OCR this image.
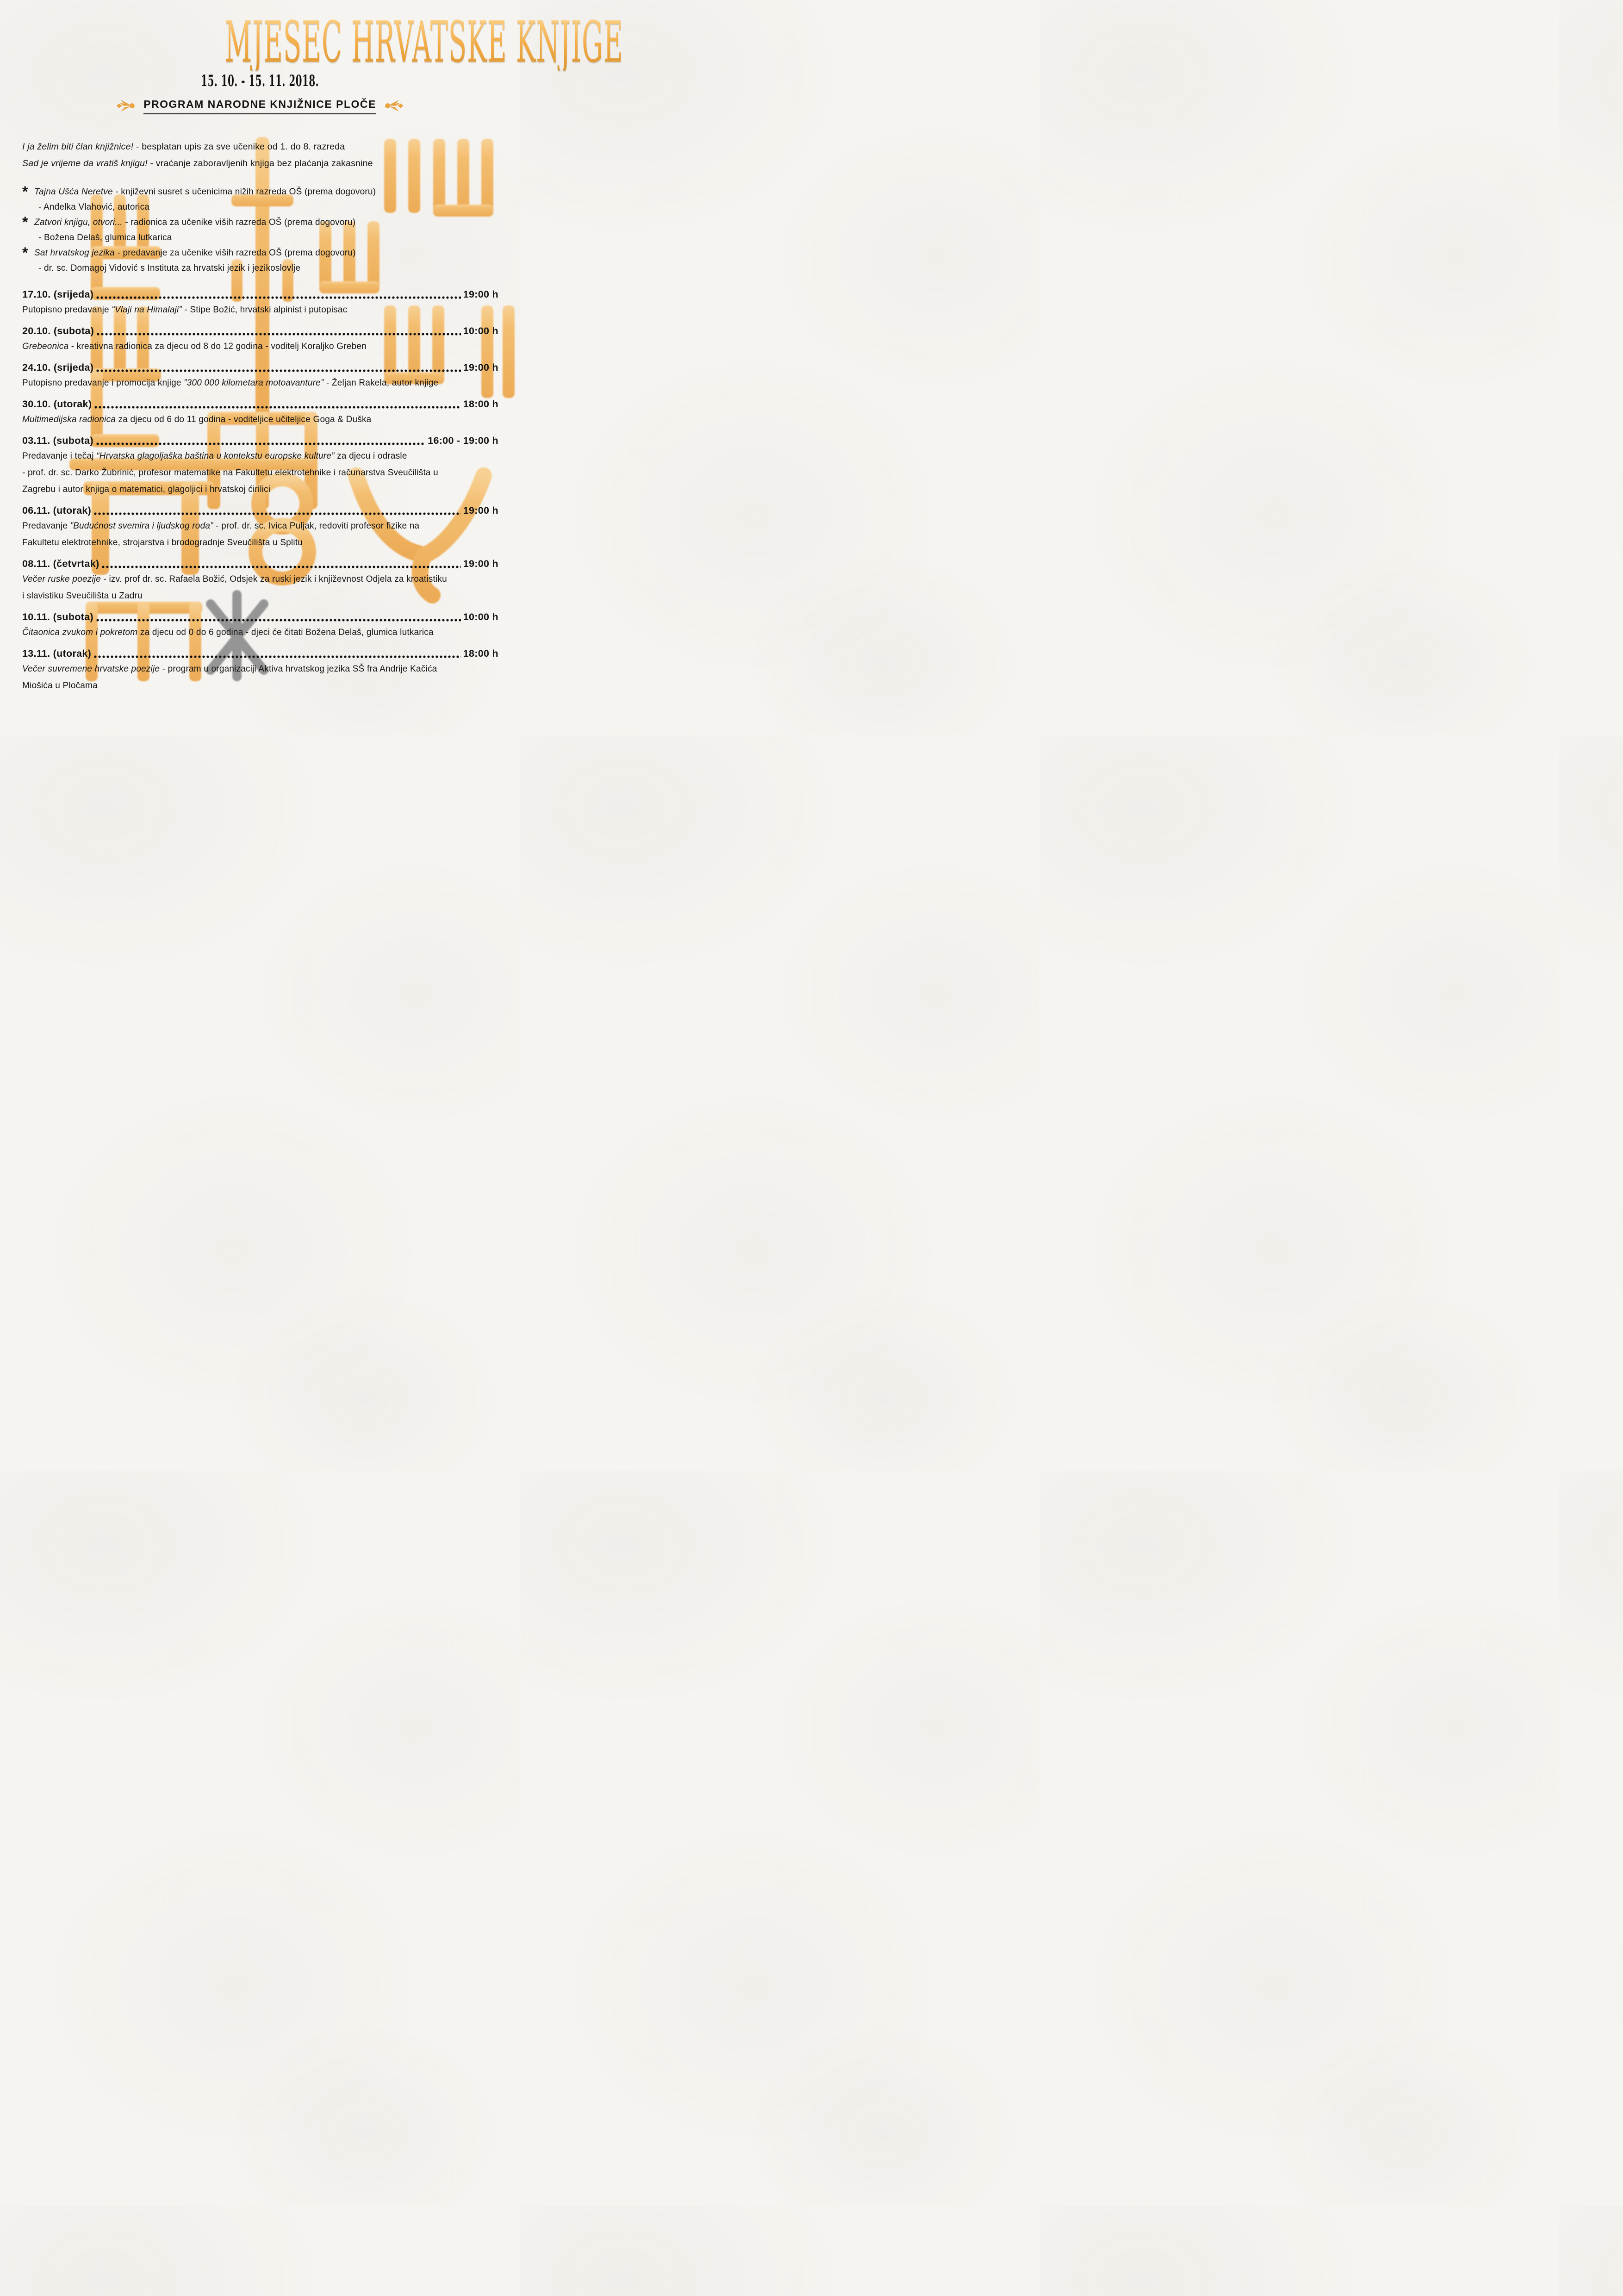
MJESEC HRVATSKE KNJIGE
15. 10. - 15. 11. 2018.
PROGRAM NARODNE KNJIŽNICE PLOČE
I ja želim biti član knjižnice! - besplatan upis za sve učenike od 1. do 8. razreda
Sad je vrijeme da vratiš knjigu! - vraćanje zaboravljenih knjiga bez plaćanja zakasnine
* Tajna Ušća Neretve - književni susret s učenicima nižih razreda OŠ (prema dogovoru)
- Anđelka Vlahović, autorica
* Zatvori knjigu, otvori... - radionica za učenike viših razreda OŠ (prema dogovoru)
- Božena Delaš, glumica lutkarica
* Sat hrvatskog jezika - predavanje za učenike viših razreda OŠ (prema dogovoru)
- dr. sc. Domagoj Vidović s Instituta za hrvatski jezik i jezikoslovlje
17.10. (srijeda)	19:00 h
Putopisno predavanje “Vlaji na Himalaji” - Stipe Božić, hrvatski alpinist i putopisac
20.10. (subota)	10:00 h
Grebeonica - kreativna radionica za djecu od 8 do 12 godina - voditelj Koraljko Greben
24.10. (srijeda)	19:00 h
Putopisno predavanje i promocija knjige ”300 000 kilometara motoavanture” - Željan Rakela, autor knjige
30.10. (utorak)	18:00 h
Multimedijska radionica za djecu od 6 do 11 godina - voditeljice učiteljice Goga & Duška
03.11. (subota)	16:00 - 19:00 h
Predavanje i tečaj “Hrvatska glagoljaška baština u kontekstu europske kulture” za djecu i odrasle
- prof. dr. sc. Darko Žubrinić, profesor matematike na Fakultetu elektrotehnike i računarstva Sveučilišta u
Zagrebu i autor knjiga o matematici, glagoljici i hrvatskoj ćirilici
06.11. (utorak)	19:00 h
Predavanje ”Budućnost svemira i ljudskog roda” - prof. dr. sc. Ivica Puljak, redoviti profesor fizike na
Fakultetu elektrotehnike, strojarstva i brodogradnje Sveučilišta u Splitu
08.11. (četvrtak)	19:00 h
Večer ruske poezije - izv. prof dr. sc. Rafaela Božić, Odsjek za ruski jezik i književnost Odjela za kroatistiku
i slavistiku Sveučilišta u Zadru
10.11. (subota)	10:00 h
Čitaonica zvukom i pokretom za djecu od 0 do 6 godina - djeci će čitati Božena Delaš, glumica lutkarica
13.11. (utorak)	18:00 h
Večer suvremene hrvatske poezije - program u organizaciji Aktiva hrvatskog jezika SŠ fra Andrije Kačića
Miošića u Pločama
